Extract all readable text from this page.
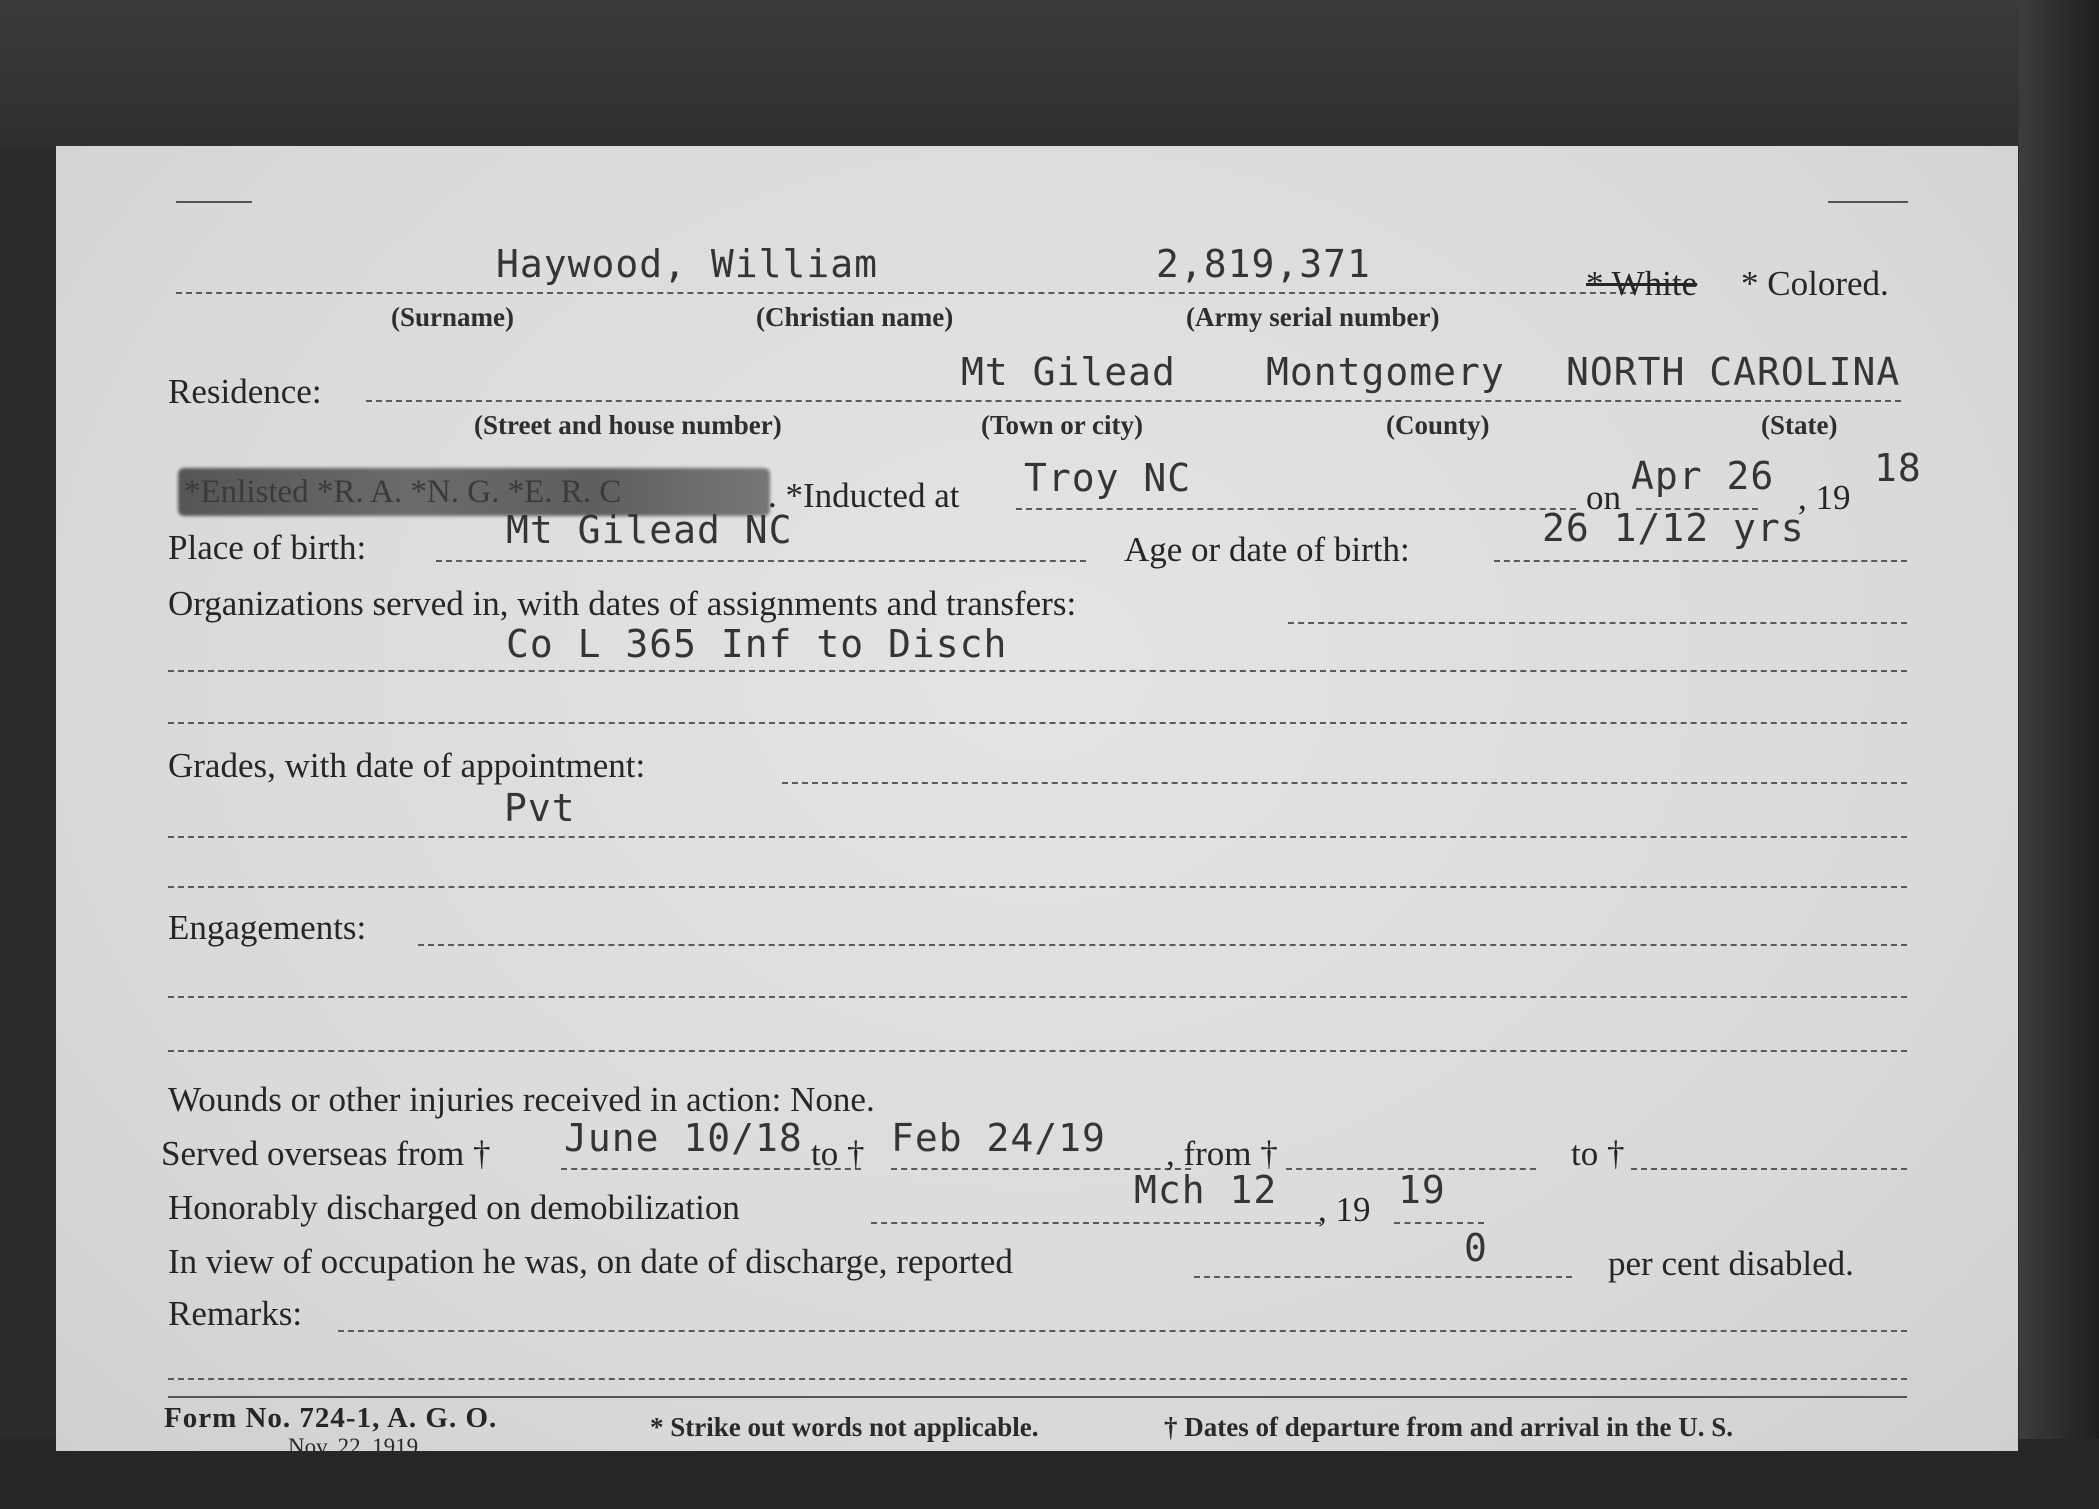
Haywood, William	2,819,371	* White * Colored.
(Surname)	(Christian name)	(Army serial number)
Residence:	Mt Gilead Montgomery NORTH CAROLINA
(Street and house number)	(Town or city)	(County)	(State)
*Enlisted *R. A. *N. G. *E. R. C	. *Inducted at Troy NC	on Apr 26 , 19
18
Place of birth:	Mt Gilead NC	Age or date of birth:	26 1/12 yrs
Organizations served in, with dates of assignments and transfers:
Co L 365 Inf to Disch
Grades, with date of appointment:
Pvt
Engagements:
Wounds or other injuries received in action: None.
Served overseas from † June 10/18 to † Feb 24/19 , from †	to †
Honorably discharged on demobilization	Mch 12 , 19 19
In view of occupation he was, on date of discharge, reported	0	per cent disabled.
Remarks:
Form No. 724-1, A. G. O.
Nov. 22, 1919.
* Strike out words not applicable.	† Dates of departure from and arrival in the U. S.
